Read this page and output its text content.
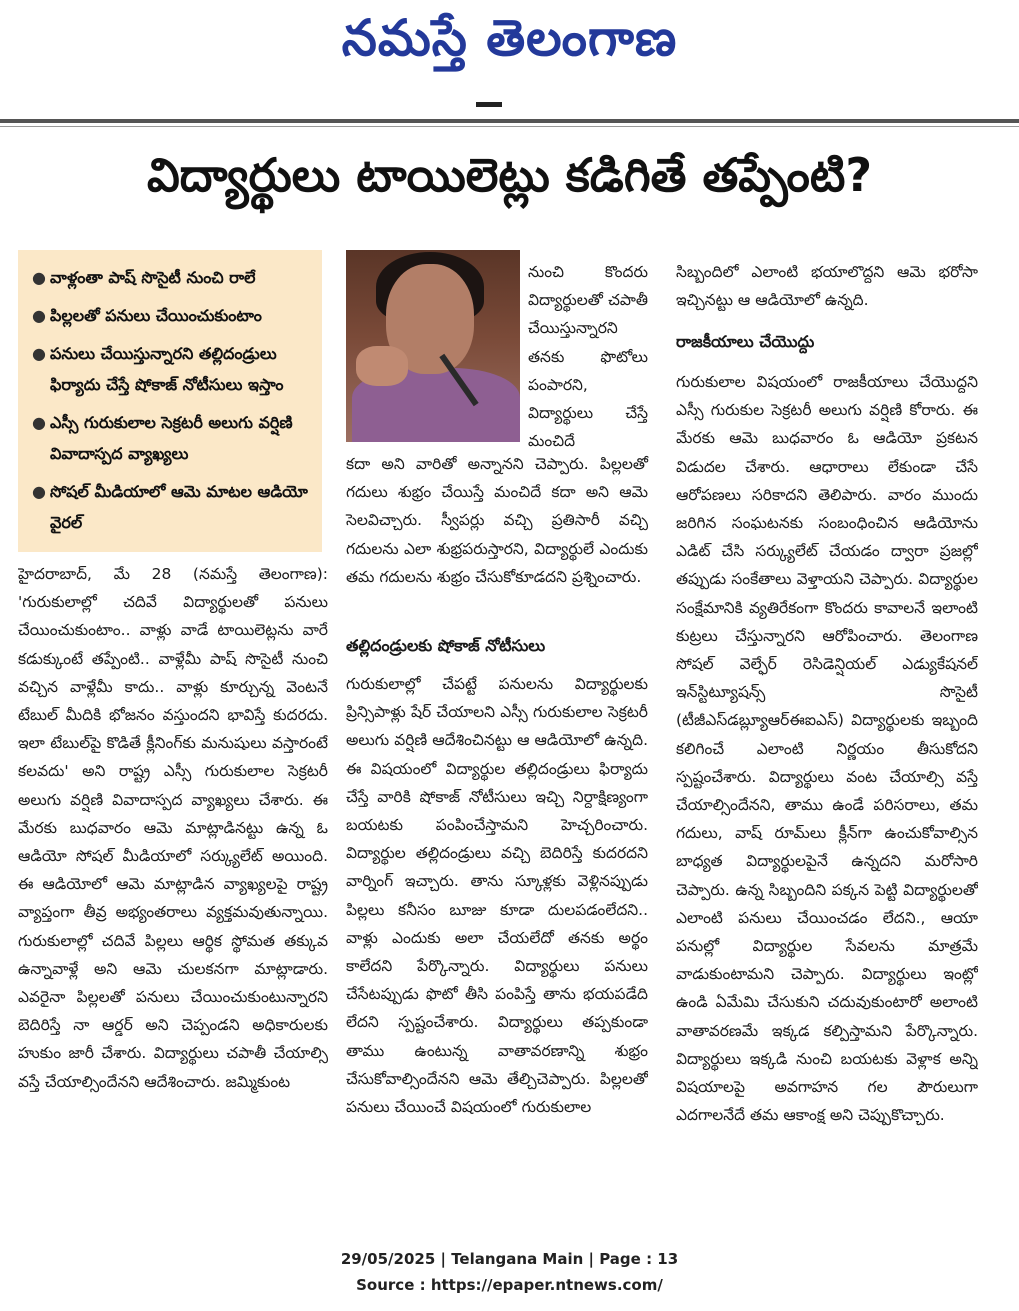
నమస్తే తెలంగాణ
విద్యార్థులు టాయిలెట్లు కడిగితే తప్పేంటి?
● వాళ్లంతా పాష్ సొసైటీ నుంచి రాలే
● పిల్లలతో పనులు చేయించుకుంటాం
● పనులు చేయిస్తున్నారని తల్లిదండ్రులు ఫిర్యాదు చేస్తే షోకాజ్ నోటీసులు ఇస్తాం
● ఎస్సీ గురుకులాల సెక్రటరీ అలుగు వర్షిణి వివాదాస్పద వ్యాఖ్యలు
● సోషల్ మీడియాలో ఆమె మాటల ఆడియో వైరల్
హైదరాబాద్, మే 28 (నమస్తే తెలంగాణ): 'గురుకులాల్లో చదివే విద్యార్థులతో పనులు చేయించుకుంటాం.. వాళ్లు వాడే టాయిలెట్లను వారే కడుక్కుంటే తప్పేంటి.. వాళ్లేమీ పాష్ సొసైటీ నుంచి వచ్చిన వాళ్లేమీ కాదు.. వాళ్లు కూర్చున్న వెంటనే టేబుల్ మీదికి భోజనం వస్తుందని భావిస్తే కుదరదు. ఇలా టేబుల్‌పై కొడితే క్లీనింగ్‌కు మనుషులు వస్తారంటే కలవదు' అని రాష్ట్ర ఎస్సీ గురుకులాల సెక్రటరీ అలుగు వర్షిణి వివాదాస్పద వ్యాఖ్యలు చేశారు. ఈ మేరకు బుధవారం ఆమె మాట్లాడినట్టు ఉన్న ఓ ఆడియో సోషల్ మీడియాలో సర్క్యులేట్ అయింది. ఈ ఆడియోలో ఆమె మాట్లాడిన వ్యాఖ్యలపై రాష్ట్ర వ్యాప్తంగా తీవ్ర అభ్యంతరాలు వ్యక్తమవుతున్నాయి. గురుకులాల్లో చదివే పిల్లలు ఆర్థిక స్థోమత తక్కువ ఉన్నావాళ్లే అని ఆమె చులకనగా మాట్లాడారు. ఎవరైనా పిల్లలతో పనులు చేయించుకుంటున్నారని బెదిరిస్తే నా ఆర్డర్ అని చెప్పండని అధికారులకు హుకుం జారీ చేశారు. విద్యార్థులు చపాతీ చేయాల్సి వస్తే చేయాల్సిందేనని ఆదేశించారు. జమ్మికుంట
నుంచి కొందరు విద్యార్థులతో చపాతీ చేయిస్తున్నారని తనకు ఫొటోలు పంపారని, విద్యార్థులు చేస్తే మంచిదే
కదా అని వారితో అన్నానని చెప్పారు. పిల్లలతో గదులు శుభ్రం చేయిస్తే మంచిదే కదా అని ఆమె సెలవిచ్చారు. స్వీపర్లు వచ్చి ప్రతిసారీ వచ్చి గదులను ఎలా శుభ్రపరుస్తారని, విద్యార్థులే ఎందుకు తమ గదులను శుభ్రం చేసుకోకూడదని ప్రశ్నించారు.
తల్లిదండ్రులకు షోకాజ్ నోటీసులు
గురుకులాల్లో చేపట్టే పనులను విద్యార్థులకు ప్రిన్సిపాళ్లు షేర్ చేయాలని ఎస్సీ గురుకులాల సెక్రటరీ అలుగు వర్షిణి ఆదేశించినట్టు ఆ ఆడియోలో ఉన్నది. ఈ విషయంలో విద్యార్థుల తల్లిదండ్రులు ఫిర్యాదు చేస్తే వారికి షోకాజ్ నోటీసులు ఇచ్చి నిర్దాక్షిణ్యంగా బయటకు పంపించేస్తామని హెచ్చరించారు. విద్యార్థుల తల్లిదండ్రులు వచ్చి బెదిరిస్తే కుదరదని వార్నింగ్ ఇచ్చారు. తాను స్కూళ్లకు వెళ్లినప్పుడు పిల్లలు కనీసం బూజు కూడా దులపడంలేదని.. వాళ్లు ఎందుకు అలా చేయలేదో తనకు అర్థం కాలేదని పేర్కొన్నారు. విద్యార్థులు పనులు చేసేటప్పుడు ఫొటో తీసి పంపిస్తే తాను భయపడేది లేదని స్పష్టంచేశారు. విద్యార్థులు తప్పకుండా తాము ఉంటున్న వాతావరణాన్ని శుభ్రం చేసుకోవాల్సిందేనని ఆమె తేల్చిచెప్పారు. పిల్లలతో పనులు చేయించే విషయంలో గురుకులాల
సిబ్బందిలో ఎలాంటి భయాలొద్దని ఆమె భరోసా ఇచ్చినట్టు ఆ ఆడియోలో ఉన్నది.
రాజకీయాలు చేయొద్దు
గురుకులాల విషయంలో రాజకీయాలు చేయొద్దని ఎస్సీ గురుకుల సెక్రటరీ అలుగు వర్షిణి కోరారు. ఈ మేరకు ఆమె బుధవారం ఓ ఆడియో ప్రకటన విడుదల చేశారు. ఆధారాలు లేకుండా చేసే ఆరోపణలు సరికాదని తెలిపారు. వారం ముందు జరిగిన సంఘటనకు సంబంధించిన ఆడియోను ఎడిట్ చేసి సర్క్యులేట్ చేయడం ద్వారా ప్రజల్లో తప్పుడు సంకేతాలు వెళ్తాయని చెప్పారు. విద్యార్థుల సంక్షేమానికి వ్యతిరేకంగా కొందరు కావాలనే ఇలాంటి కుట్రలు చేస్తున్నారని ఆరోపించారు. తెలంగాణ సోషల్ వెల్ఫేర్ రెసిడెన్షియల్ ఎడ్యుకేషనల్ ఇన్‌స్టిట్యూషన్స్ సొసైటీ (టీజీఎస్‌డబ్ల్యూఆర్‌ఈఐఎస్) విద్యార్థులకు ఇబ్బంది కలిగించే ఎలాంటి నిర్ణయం తీసుకోదని స్పష్టంచేశారు. విద్యార్థులు వంట చేయాల్సి వస్తే చేయాల్సిందేనని, తాము ఉండే పరిసరాలు, తమ గదులు, వాష్ రూమ్‌లు క్లీన్‌గా ఉంచుకోవాల్సిన బాధ్యత విద్యార్థులపైనే ఉన్నదని మరోసారి చెప్పారు. ఉన్న సిబ్బందిని పక్కన పెట్టి విద్యార్థులతో ఎలాంటి పనులు చేయించడం లేదని., ఆయా పనుల్లో విద్యార్థుల సేవలను మాత్రమే వాడుకుంటామని చెప్పారు. విద్యార్థులు ఇంట్లో ఉండి ఏమేమి చేసుకుని చదువుకుంటారో అలాంటి వాతావరణమే ఇక్కడ కల్పిస్తామని పేర్కొన్నారు. విద్యార్థులు ఇక్కడి నుంచి బయటకు వెళ్లాక అన్ని విషయాలపై అవగాహన గల పౌరులుగా ఎదగాలనేదే తమ ఆకాంక్ష అని చెప్పుకొచ్చారు.
29/05/2025 | Telangana Main | Page : 13
Source : https://epaper.ntnews.com/
